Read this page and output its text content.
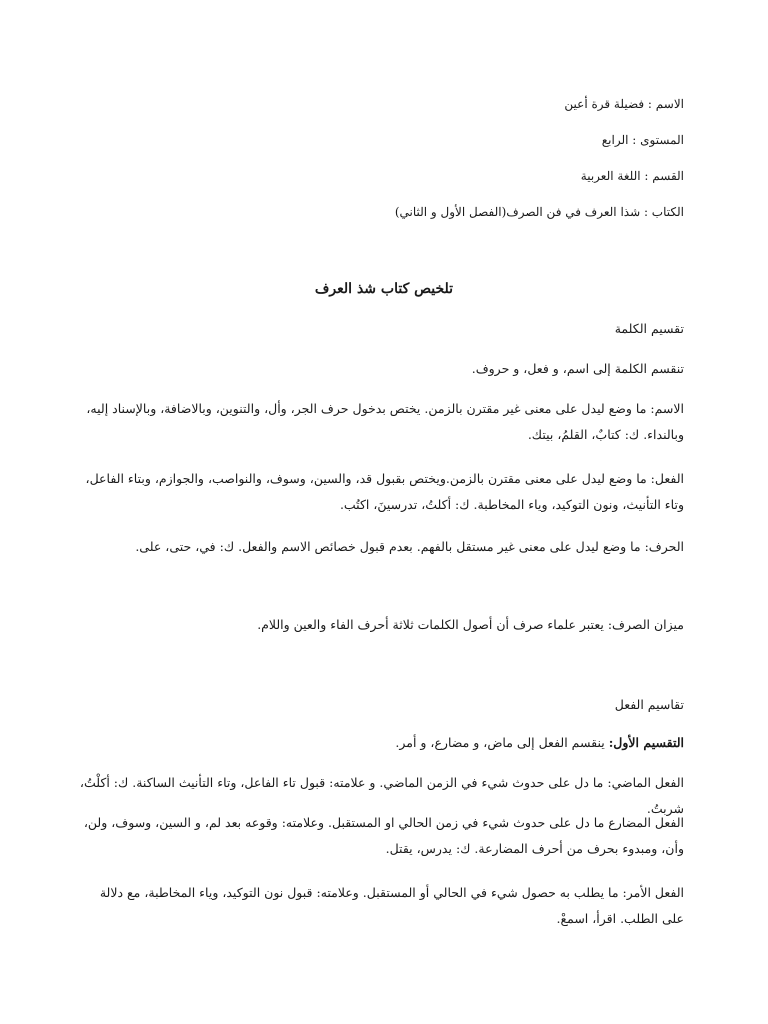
الاسم : فضيلة قرة أعين
المستوى : الرابع
القسم : اللغة العربية
الكتاب : شذا العرف في فن الصرف(الفصل الأول و الثاني)
تلخيص كتاب شذ العرف
تقسيم الكلمة
تنقسم الكلمة إلى اسم، و فعل، و حروف.
الاسم: ما وضع ليدل على معنى غير مقترن بالزمن. يختص بدخول حرف الجر، وأل، والتنوين، وبالاضافة، وبالإسناد إليه، وبالنداء. ك: كتابٌ، القلمُ، بيتك.
الفعل: ما وضع ليدل على معنى مقترن بالزمن.ويختص بقبول قد، والسين، وسوف، والنواصب، والجوازم، وبتاء الفاعل، وتاء التأنيث، ونون التوكيد، وياء المخاطبة. ك: أكلتُ، تدرسينَ، اكتُب.
الحرف: ما وضع ليدل على معنى غير مستقل بالفهم. بعدم قبول خصائص الاسم والفعل. ك: في، حتى، على.
ميزان الصرف: يعتبر علماء صرف أن أصول الكلمات ثلاثة أحرف الفاء والعين واللام.
تقاسيم الفعل
التقسيم الأول: ينقسم الفعل إلى ماض، و مضارع، و أمر.
الفعل الماضي: ما دل على حدوث شيء في الزمن الماضي. و علامته: قبول تاء الفاعل، وتاء التأنيث الساكنة. ك: أكلْتُ، شربتُ.
الفعل المضارع ما دل على حدوث شيء في زمن الحالي او المستقبل. وعلامته: وقوعه بعد لم، و السين، وسوف، ولن، وأن، ومبدوء بحرف من أحرف المضارعة. ك: يدرس، يقتل.
الفعل الأمر: ما يطلب به حصول شيء في الحالي أو المستقبل. وعلامته: قبول نون التوكيد، وياء المخاطبة، مع دلالة على الطلب. اقرأ، اسمعْ.
